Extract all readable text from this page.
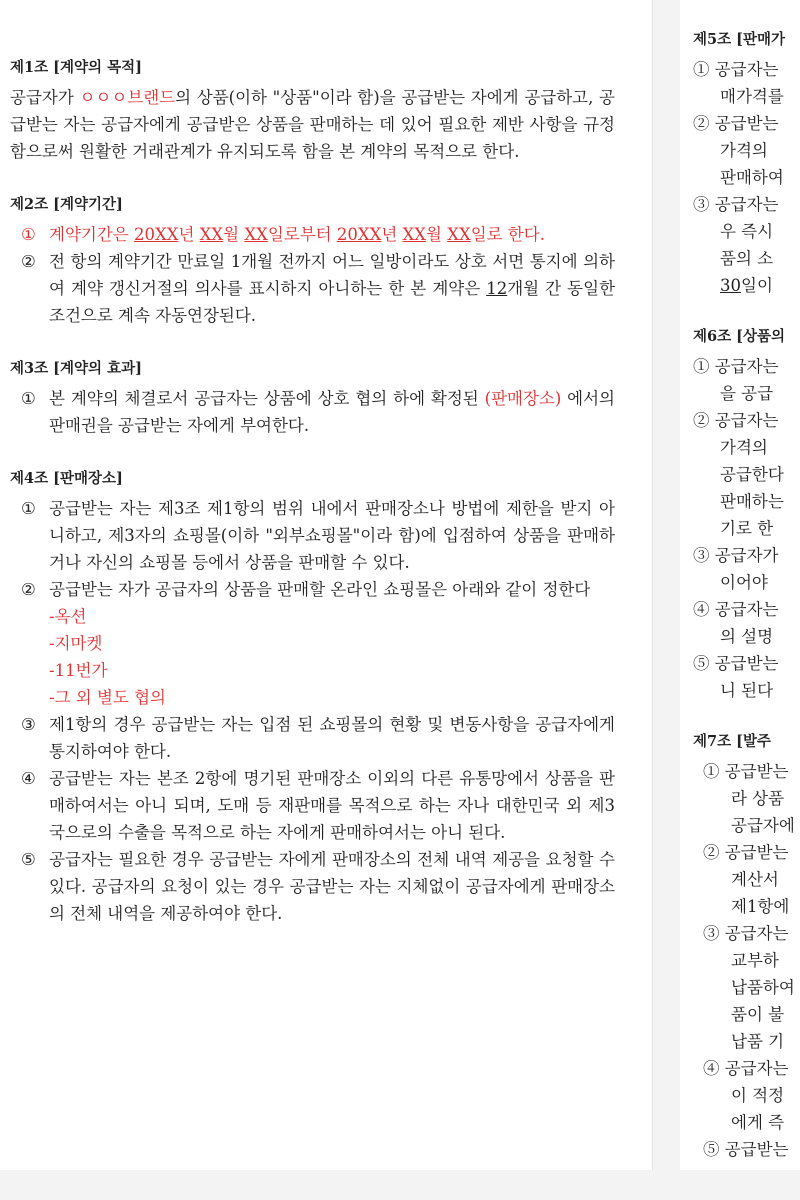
제1조 [계약의 목적]
공급자가 ㅇㅇㅇ브랜드의 상품(이하 "상품"이라 함)을 공급받는 자에게 공급하고, 공급받는 자는 공급자에게 공급받은 상품을 판매하는 데 있어 필요한 제반 사항을 규정함으로써 원활한 거래관계가 유지되도록 함을 본 계약의 목적으로 한다.
제2조 [계약기간]
① 계약기간은 20XX년 XX월 XX일로부터 20XX년 XX월 XX일로 한다.
② 전 항의 계약기간 만료일 1개월 전까지 어느 일방이라도 상호 서면 통지에 의하여 계약 갱신거절의 의사를 표시하지 아니하는 한 본 계약은 12개월 간 동일한 조건으로 계속 자동연장된다.
제3조 [계약의 효과]
① 본 계약의 체결로서 공급자는 상품에 상호 협의 하에 확정된 (판매장소) 에서의 판매권을 공급받는 자에게 부여한다.
제4조 [판매장소]
① 공급받는 자는 제3조 제1항의 범위 내에서 판매장소나 방법에 제한을 받지 아니하고, 제3자의 쇼핑몰(이하 "외부쇼핑몰"이라 함)에 입점하여 상품을 판매하거나 자신의 쇼핑몰 등에서 상품을 판매할 수 있다.
② 공급받는 자가 공급자의 상품을 판매할 온라인 쇼핑몰은 아래와 같이 정한다
-옥션
-지마켓
-11번가
-그 외 별도 협의
③ 제1항의 경우 공급받는 자는 입점 된 쇼핑몰의 현황 및 변동사항을 공급자에게 통지하여야 한다.
④ 공급받는 자는 본조 2항에 명기된 판매장소 이외의 다른 유통망에서 상품을 판매하여서는 아니 되며, 도매 등 재판매를 목적으로 하는 자나 대한민국 외 제3국으로의 수출을 목적으로 하는 자에게 판매하여서는 아니 된다.
⑤ 공급자는 필요한 경우 공급받는 자에게 판매장소의 전체 내역 제공을 요청할 수 있다. 공급자의 요청이 있는 경우 공급받는 자는 지체없이 공급자에게 판매장소의 전체 내역을 제공하여야 한다.
제5조 [판매가
① 공급자는
매가격를
② 공급받는
가격의
판매하여
③ 공급자는
우 즉시
품의 소
30일이
제6조 [상품의
① 공급자는
을 공급
② 공급자는
가격의
공급한다
판매하는
기로 한
③ 공급자가
이어야
④ 공급자는
의 설명
⑤ 공급받는
니 된다
제7조 [발주
① 공급받는
라 상품
공급자에
② 공급받는
계산서
제1항에
③ 공급자는
교부하
납품하여
품이 불
납품 기
④ 공급자는
이 적정
에게 즉
⑤ 공급받는
